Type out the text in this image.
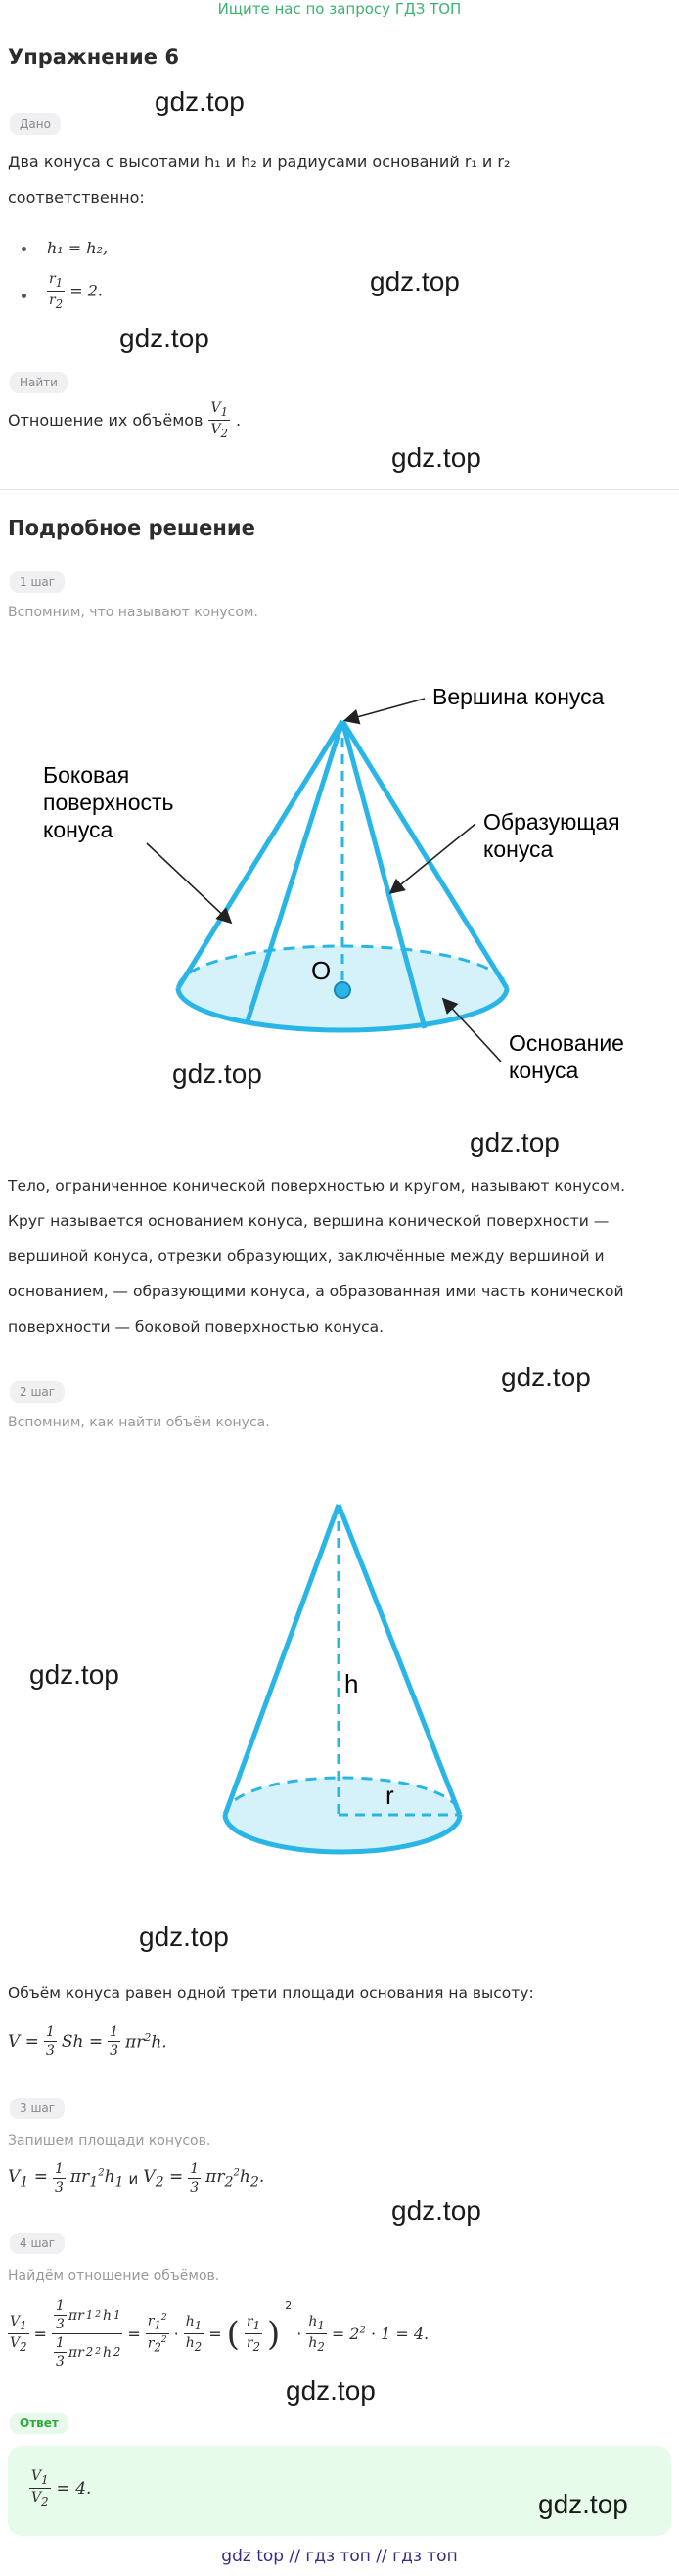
Ищите нас по запросу ГДЗ ТОП
Упражнение 6
Дано
Два конуса с высотами h₁ и h₂ и радиусами оснований r₁ и r₂
соответственно:
h₁ = h₂,
$\frac{r_1}{r_2} = 2$.
Найти
Отношение их объёмов $\frac{V_1}{V_2}$ .
Подробное решение
1 шаг
Вспомним, что называют конусом.
Вершина конуса
Боковая
поверхность
конуса	Образующая
конуса
O
Основание
конуса
Тело, ограниченное конической поверхностью и кругом, называют конусом.
Круг называется основанием конуса, вершина конической поверхности —
вершиной конуса, отрезки образующих, заключённые между вершиной и
основанием, — образующими конуса, а образованная ими часть конической
поверхности — боковой поверхностью конуса.
2 шаг
Вспомним, как найти объём конуса.
h
r
Объём конуса равен одной трети площади основания на высоту:
$V = \frac{1}{3}$ $Sh = \frac{1}{3} \pi r^2h$.
3 шаг
Запишем площади конусов.
$V_1 = \frac{1}{3} \pi r_1^2h_1$ и $V_2 = \frac{1}{3} \pi r_2^2h_2$.
4 шаг
Найдём отношение объёмов.
$\frac{V_1}{V_2} = \frac{\frac{1}{3} \pi r 1 2 h 1}{\frac{1}{3} \pi r 2 2 h 2} = \frac{r_1^2}{r_2^2} \cdot \frac{h_1}{h_2}$ = ( $\frac{r_1}{r_2}$ )
2
· $\frac{h_1}{h_2} = 2^2 \cdot 1 = 4$.
Ответ
$\frac{V_1}{V_2} = 4$.
gdz.top
gdz.top
gdz.top
gdz.top
gdz.top
gdz.top
gdz.top
gdz.top
gdz.top
gdz.top
gdz.top
gdz.top
gdz top // гдз топ // гдз топ
